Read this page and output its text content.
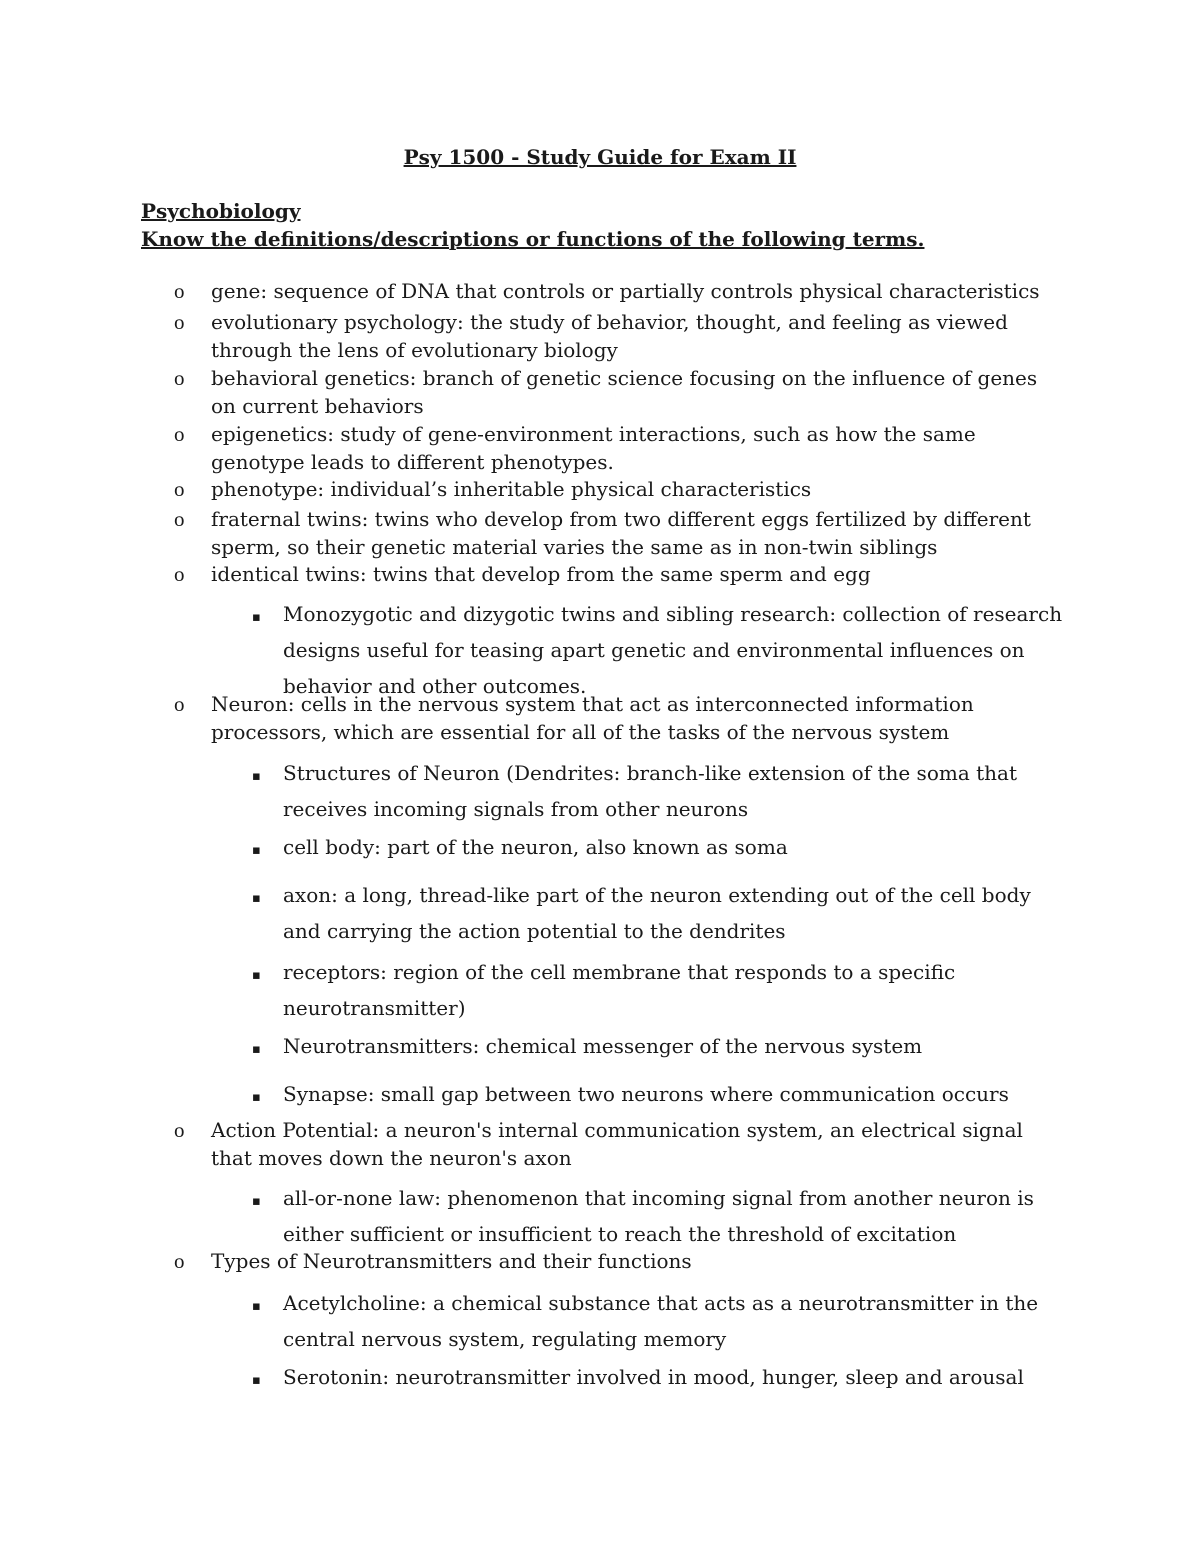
Psy 1500 - Study Guide for Exam II
Psychobiology
Know the definitions/descriptions or functions of the following terms.
o gene: sequence of DNA that controls or partially controls physical characteristics
o evolutionary psychology: the study of behavior, thought, and feeling as viewed through the lens of evolutionary biology
o behavioral genetics: branch of genetic science focusing on the influence of genes on current behaviors
o epigenetics: study of gene-environment interactions, such as how the same genotype leads to different phenotypes.
o phenotype: individual’s inheritable physical characteristics
o fraternal twins: twins who develop from two different eggs fertilized by different sperm, so their genetic material varies the same as in non-twin siblings
o identical twins: twins that develop from the same sperm and egg
▪ Monozygotic and dizygotic twins and sibling research: collection of research designs useful for teasing apart genetic and environmental influences on behavior and other outcomes.
o Neuron: cells in the nervous system that act as interconnected information processors, which are essential for all of the tasks of the nervous system
▪ Structures of Neuron (Dendrites: branch-like extension of the soma that receives incoming signals from other neurons
▪ cell body: part of the neuron, also known as soma
▪ axon: a long, thread-like part of the neuron extending out of the cell body and carrying the action potential to the dendrites
▪ receptors: region of the cell membrane that responds to a specific neurotransmitter)
▪ Neurotransmitters: chemical messenger of the nervous system
▪ Synapse: small gap between two neurons where communication occurs
o Action Potential: a neuron's internal communication system, an electrical signal that moves down the neuron's axon
▪ all-or-none law: phenomenon that incoming signal from another neuron is either sufficient or insufficient to reach the threshold of excitation
o Types of Neurotransmitters and their functions
▪ Acetylcholine: a chemical substance that acts as a neurotransmitter in the central nervous system, regulating memory
▪ Serotonin: neurotransmitter involved in mood, hunger, sleep and arousal
